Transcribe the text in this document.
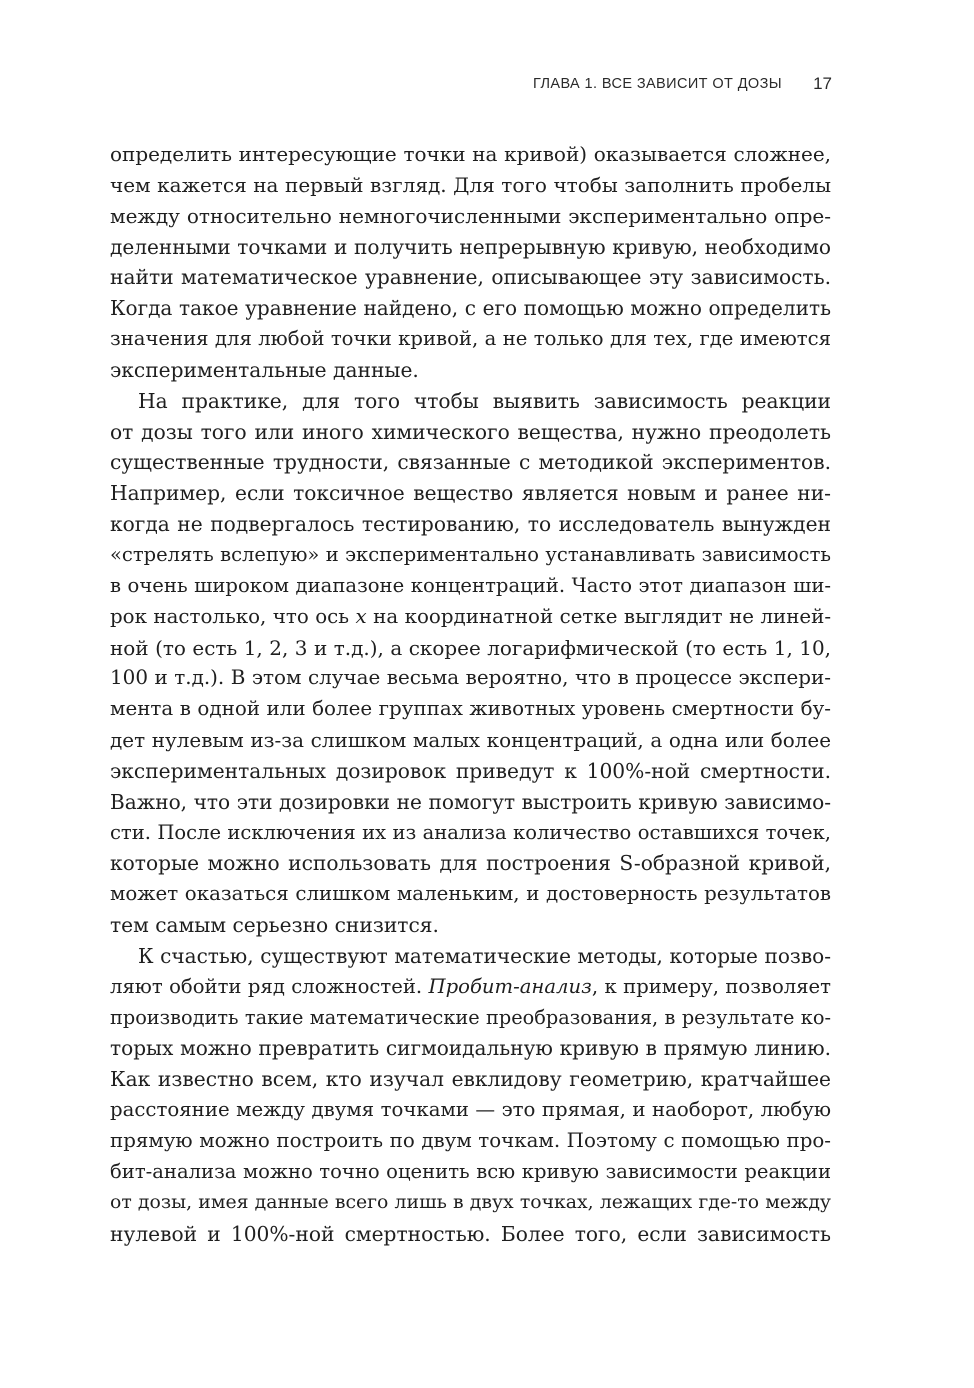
ГЛАВА 1. ВСЕ ЗАВИСИТ ОТ ДОЗЫ 17
определить интересующие точки на кривой) оказывается сложнее,
чем кажется на первый взгляд. Для того чтобы заполнить пробелы
между относительно немногочисленными экспериментально опре-
деленными точками и получить непрерывную кривую, необходимо
найти математическое уравнение, описывающее эту зависимость.
Когда такое уравнение найдено, с его помощью можно определить
значения для любой точки кривой, а не только для тех, где имеются
экспериментальные данные.
На практике, для того чтобы выявить зависимость реакции
от дозы того или иного химического вещества, нужно преодолеть
существенные трудности, связанные с методикой экспериментов.
Например, если токсичное вещество является новым и ранее ни-
когда не подвергалось тестированию, то исследователь вынужден
«стрелять вслепую» и экспериментально устанавливать зависимость
в очень широком диапазоне концентраций. Часто этот диапазон ши-
рок настолько, что ось x на координатной сетке выглядит не линей-
ной (то есть 1, 2, 3 и т.д.), а скорее логарифмической (то есть 1, 10,
100 и т.д.). В этом случае весьма вероятно, что в процессе экспери-
мента в одной или более группах животных уровень смертности бу-
дет нулевым из-за слишком малых концентраций, а одна или более
экспериментальных дозировок приведут к 100%-ной смертности.
Важно, что эти дозировки не помогут выстроить кривую зависимо-
сти. После исключения их из анализа количество оставшихся точек,
которые можно использовать для построения S-образной кривой,
может оказаться слишком маленьким, и достоверность результатов
тем самым серьезно снизится.
К счастью, существуют математические методы, которые позво-
ляют обойти ряд сложностей. Пробит-анализ, к примеру, позволяет
производить такие математические преобразования, в результате ко-
торых можно превратить сигмоидальную кривую в прямую линию.
Как известно всем, кто изучал евклидову геометрию, кратчайшее
расстояние между двумя точками — это прямая, и наоборот, любую
прямую можно построить по двум точкам. Поэтому с помощью про-
бит-анализа можно точно оценить всю кривую зависимости реакции
от дозы, имея данные всего лишь в двух точках, лежащих где-то между
нулевой и 100%-ной смертностью. Более того, если зависимость
